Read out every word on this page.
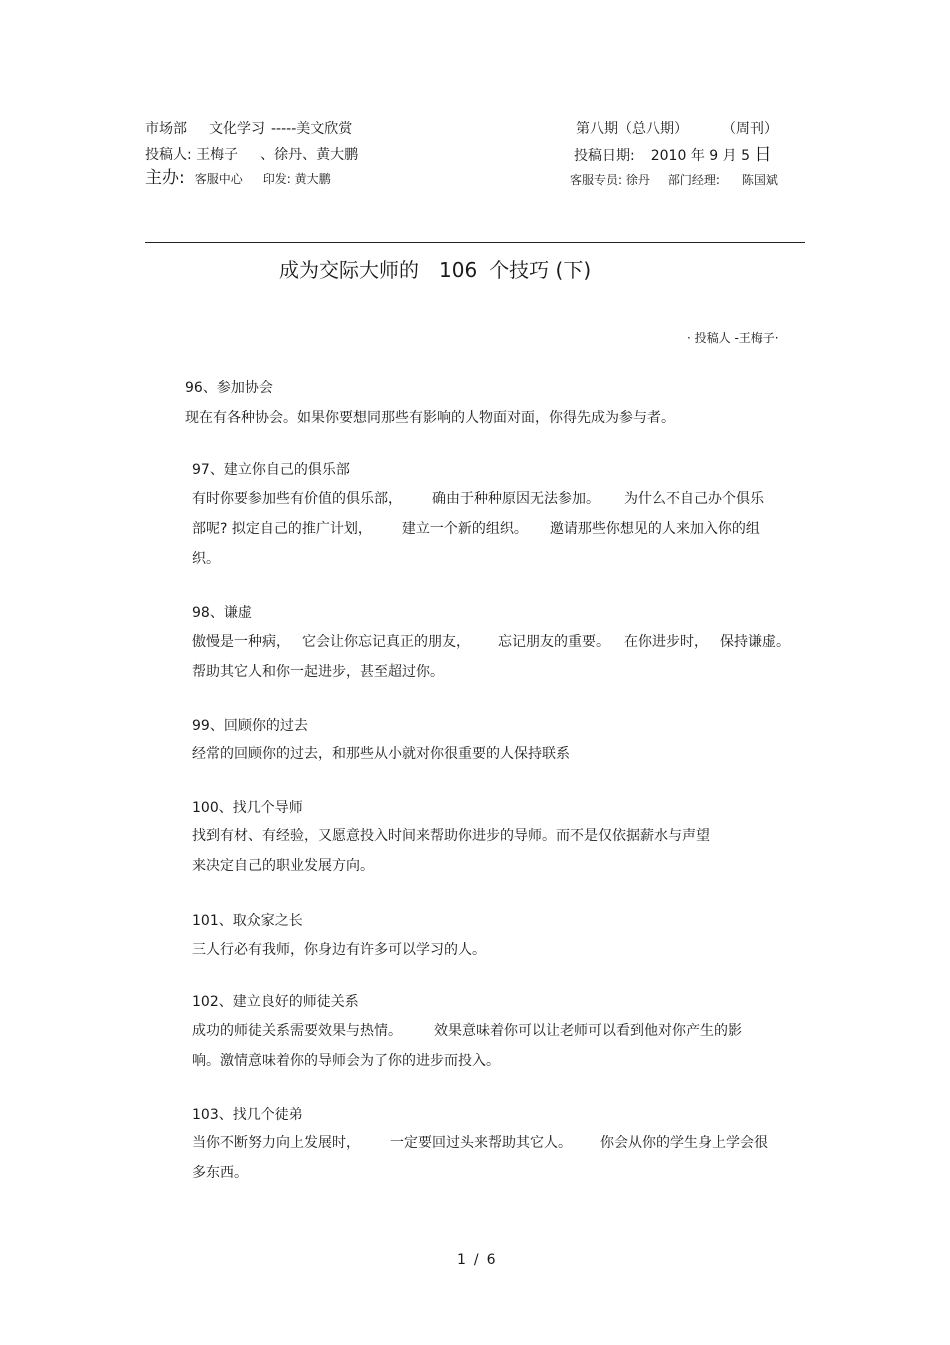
市场部 文化学习 -----美文欣赏	第八期（总八期） （周刊）
投稿人: 王梅子 、徐丹、黄大鹏	投稿日期: 2010 年 9 月 5 日
主办: 客服中心 印发: 黄大鹏	客服专员: 徐丹 部门经理: 陈国斌
成为交际大师的 106 个技巧 (下)
· 投稿人 -王梅子·
96、参加协会
现在有各种协会。如果你要想同那些有影响的人物面对面，你得先成为参与者。
97、建立你自己的俱乐部
有时你要参加些有价值的俱乐部， 确由于种种原因无法参加。 为什么不自己办个俱乐
部呢? 拟定自己的推广计划， 建立一个新的组织。 邀请那些你想见的人来加入你的组
织。
98、谦虚
傲慢是一种病， 它会让你忘记真正的朋友， 忘记朋友的重要。 在你进步时， 保持谦虚。
帮助其它人和你一起进步，甚至超过你。
99、回顾你的过去
经常的回顾你的过去，和那些从小就对你很重要的人保持联系
100、找几个导师
找到有材、有经验，又愿意投入时间来帮助你进步的导师。而不是仅依据薪水与声望
来决定自己的职业发展方向。
101、取众家之长
三人行必有我师，你身边有许多可以学习的人。
102、建立良好的师徒关系
成功的师徒关系需要效果与热情。 效果意味着你可以让老师可以看到他对你产生的影
响。激情意味着你的导师会为了你的进步而投入。
103、找几个徒弟
当你不断努力向上发展时， 一定要回过头来帮助其它人。 你会从你的学生身上学会很
多东西。
1 / 6
